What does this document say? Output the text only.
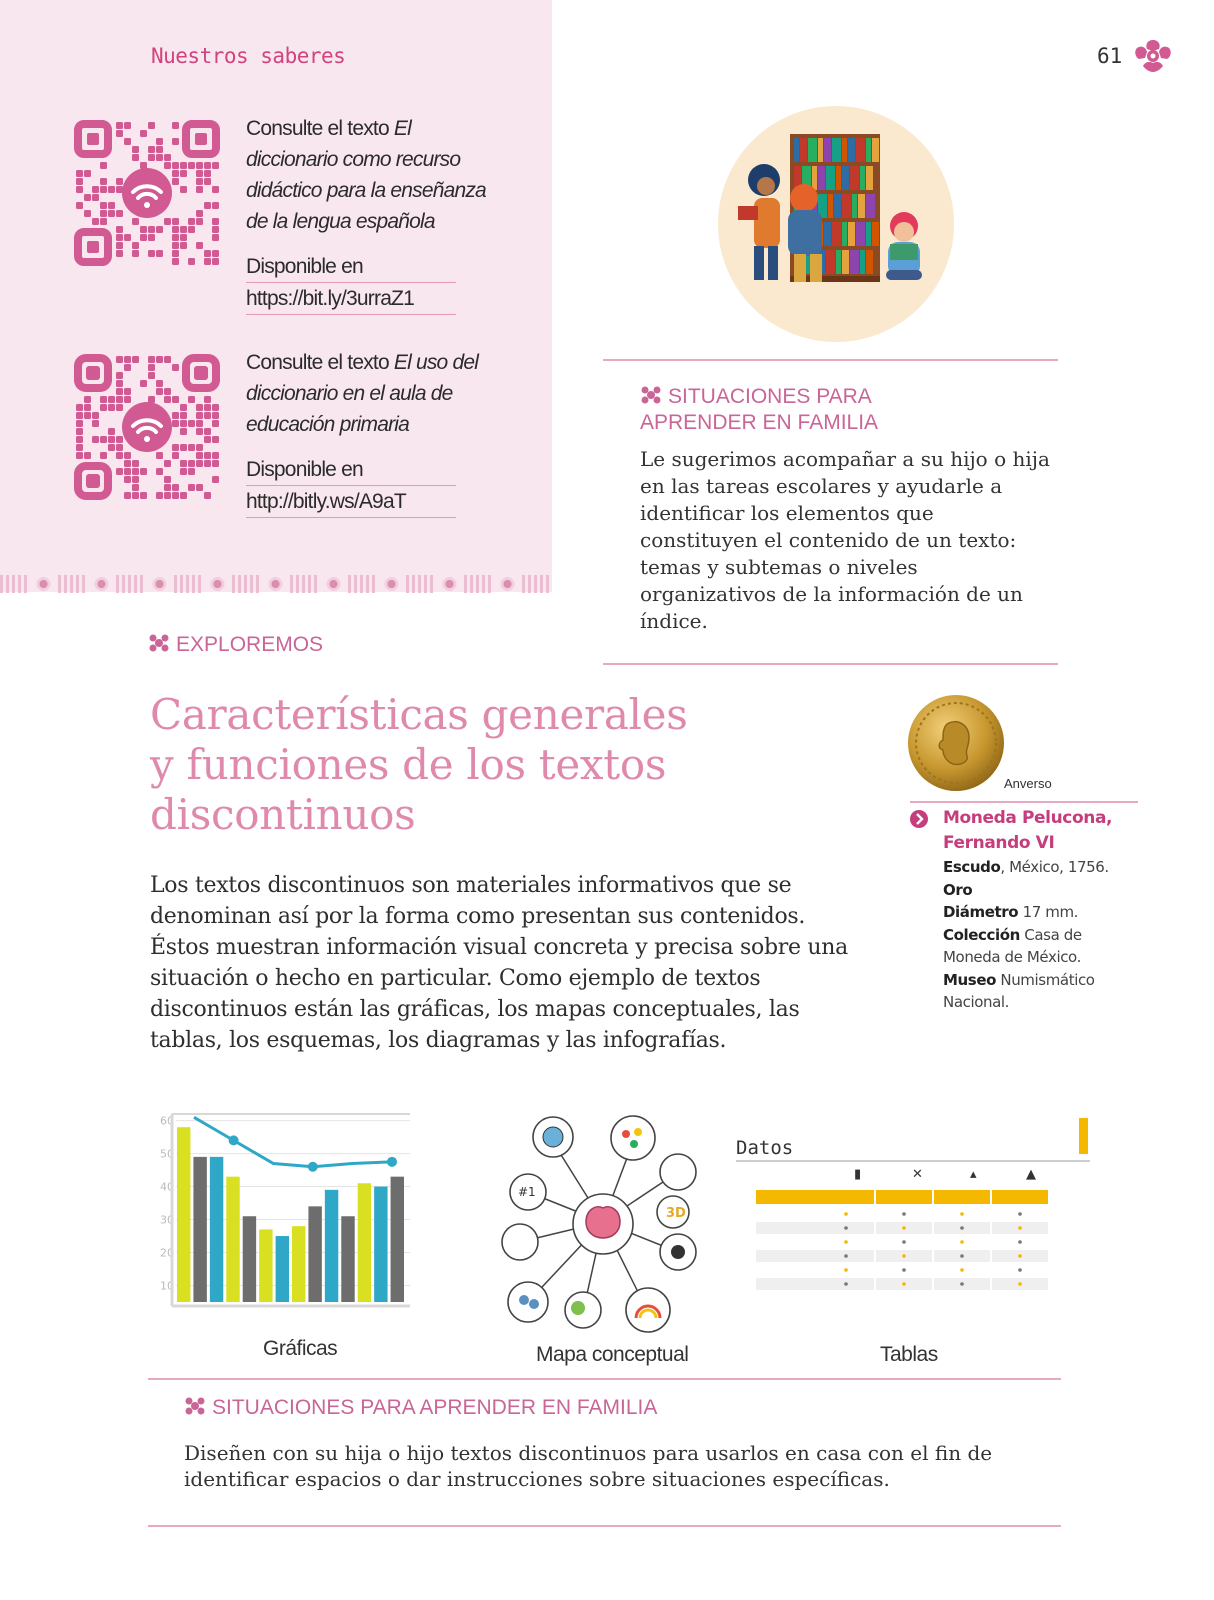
Nuestros saberes	61
Consulte el texto El
diccionario como recurso
didáctico para la enseñanza
de la lengua española
Disponible en
https://bit.ly/3urraZ1
Consulte el texto El uso del
diccionario en el aula de
educación primaria
Disponible en
http://bitly.ws/A9aT
SITUACIONES PARA
APRENDER EN FAMILIA
Le sugerimos acompañar a su hijo o hija en las tareas escolares y ayudarle a identificar los elementos que constituyen el contenido de un texto: temas y subtemas o niveles organizativos de la información de un índice.
EXPLOREMOS
Características generales y funciones de los textos discontinuos
Los textos discontinuos son materiales informativos que se denominan así por la forma como presentan sus contenidos. Éstos muestran información visual concreta y precisa sobre una situación o hecho en particular. Como ejemplo de textos discontinuos están las gráficas, los mapas conceptuales, las tablas, los esquemas, los diagramas y las infografías.
Anverso
Moneda Pelucona, Fernando VI
Escudo, México, 1756.
Oro
Diámetro 17 mm.
Colección Casa de Moneda de México.
Museo Numismático Nacional.
10
20
30
40
50
60
Gráficas
#1
3D
Mapa conceptual
Datos
▮	✕	▴	▲
Tablas
SITUACIONES PARA APRENDER EN FAMILIA
Diseñen con su hija o hijo textos discontinuos para usarlos en casa con el fin de identificar espacios o dar instrucciones sobre situaciones específicas.
